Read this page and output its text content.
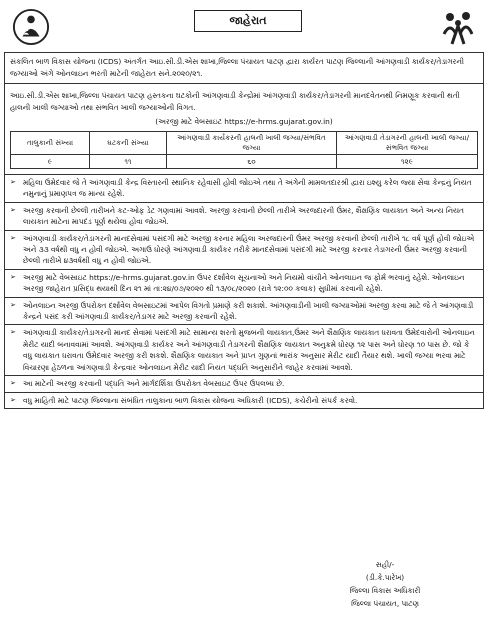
જાહેરાત

સંકલિત બાળ વિકાસ યોજના (ICDS) અંતર્ગત આઇ.સી.ડી.એસ શાખા,જિલ્લા પંચાયત પાટણ દ્વારા કાર્યરત પાટણ જિલ્લાની આંગણવાડી કાર્યકર/તેડાગરની જગ્યાઓ અંગે ઓનલાઇન ભરતી માટેની જાહેરાત સને.૨૦૨૦/૨૧.

આઇ.સી.ડી.એસ શાખા,જિલ્લા પંચાયત પાટણ હસ્તકના ઘટકોની આંગણવાડી કેન્દ્રોમાં આંગણવાડી કાર્યકર/તેડાગરની માનદવેતનથી નિમણૂક કરવાની થતી હાલની ખાલી જગ્યાઓ તથા સંભવિત ખાલી જગ્યાઓની વિગત.

(અરજી માટે વેબસાઇટ https://e-hrms.gujarat.gov.in)
તાલુકાની સંખ્યા	ઘટકની સંખ્યા	આંગણવાડી કાર્યકરની હાલની ખાલી જગ્યા/સંભવિત જગ્યા	આંગણવાડી તેડાગરની હાલની ખાલી જગ્યા/સંભવિત જગ્યા
૯	૧૧	૬૦	૧૨૯
➢ મહિલા ઉમેદવાર જે તે આંગણવાડી કેન્દ્ર વિસ્તારની સ્થાનિક રહેવાસી હોવી જોઇએ તથા તે અંગેની મામલતદારશ્રી દ્વારા ઇશ્યુ કરેલ જ્યા સેવા કેન્દ્રનું નિયત નમુનાનું પ્રમાણપત્ર જ માન્ય રહેશે.
➢ અરજી કરવાની છેલ્લી તારીખને કટ-ઓફ ડેટ ગણવામાં આવશે. અરજી કરવાની છેલ્લી તારીખે અરજદારની ઉંમર, શૈક્ષણિક લાયકાત અને અન્ય નિયત લાયકાત માટેના માપદંડ પૂર્ણ થયેલા હોવા જોઇએ.
➢ આંગણવાડી કાર્યકર/તેડાગરની માનદસેવામાં પસંદગી માટે અરજી કરનાર મહિલા અરજદારની ઉંમર અરજી કરવાની છેલ્લી તારીખે ૧૮ વર્ષ પૂર્ણ હોવી જોઇએ અને ૩૩ વર્ષથી વધુ ન હોવી જોઇએ. અગાઉ ધોરણે આંગણવાડી કાર્યકર તરીકે માનદસેવામાં પસંદગી માટે અરજી કરનાર તેડાગરની ઉંમર અરજી કરવાની છેલ્લી તારીખે ૪૩વર્ષથી વધુ ન હોવી જોઇએ.
➢ અરજી માટે વેબસાઇટ https://e-hrms.gujarat.gov.in ઉપર દર્શાવેલ સૂચનાઓ અને નિયમો વાંચીને ઓનલાઇન જ ફોર્મ ભરવાનું રહેશે. ઓનલાઇન અરજી જાહેરાત પ્રસિદ્ધ થયાથી દિન ૨૧ માં તા:૨૪/૦૭/૨૦૨૦ થી ૧૩/૦૮/૨૦૨૦ (રાત્રે ૧૨:૦૦ કલાક) સુધીમાં કરવાની રહેશે.
➢ ઓનલાઇન અરજી ઉપરોક્ત દર્શાવેલ વેબસાઇટમાં આપેલ વિગતો પ્રમાણે કરી શકાશે. આંગણવાડીની ખાલી જગ્યાઓમાં અરજી કરવા માટે જે તે આંગણવાડી કેન્દ્રને પસંદ કરી આંગણવાડી કાર્યકર/તેડાગર માટે અરજી કરવાની રહેશે.
➢ આંગણવાડી કાર્યકર/તેડાગરની માનદ સેવામાં પસંદગી માટે સામાન્ય શરતો મુજબની લાયકાત,ઉંમર અને શૈક્ષણિક લાયકાત ધરાવતા ઉમેદવારોની ઓનલાઇન મેરીટ યાદી બનાવવામાં આવશે. આંગણવાડી કાર્યકર અને આંગણવાડી તેડાગરની શૈક્ષણિક લાયકાત અનુક્રમે ધોરણ ૧૨ પાસ અને ધોરણ ૧૦ પાસ છે. જો કે વધુ લાયકાત ધરાવતા ઉમેદવાર અરજી કરી શકશે. શૈક્ષણિક લાયકાત અને પ્રાપ્ત ગુણનાં ભારાંક અનુસાર મેરીટ યાદી તૈયાર થશે. ખાલી જગ્યા ભરવા માટે વિચારણા હેઠળના આંગણવાડી કેન્દ્રવાર ઓનલાઇન મેરીટ યાદી નિયત પદ્ધતિ અનુસારીને જાહેર કરવામાં આવશે.
➢ આ માટેની અરજી કરવાની પદ્ધતિ અને માર્ગદર્શિકા ઉપરોક્ત વેબસાઇટ ઉપર ઉપલબ્ધ છે.
➢ વધુ માહિતી માટે પાટણ જિલ્લાના સંબંધિત તાલુકાના બાળ વિકાસ યોજના અધિકારી (ICDS), કચેરીનો સંપર્ક કરવો.
સહી/-
(ડી.કે.પારેખ)
જિલ્લા વિકાસ અધિકારી
જિલ્લા પંચાયત, પાટણ
